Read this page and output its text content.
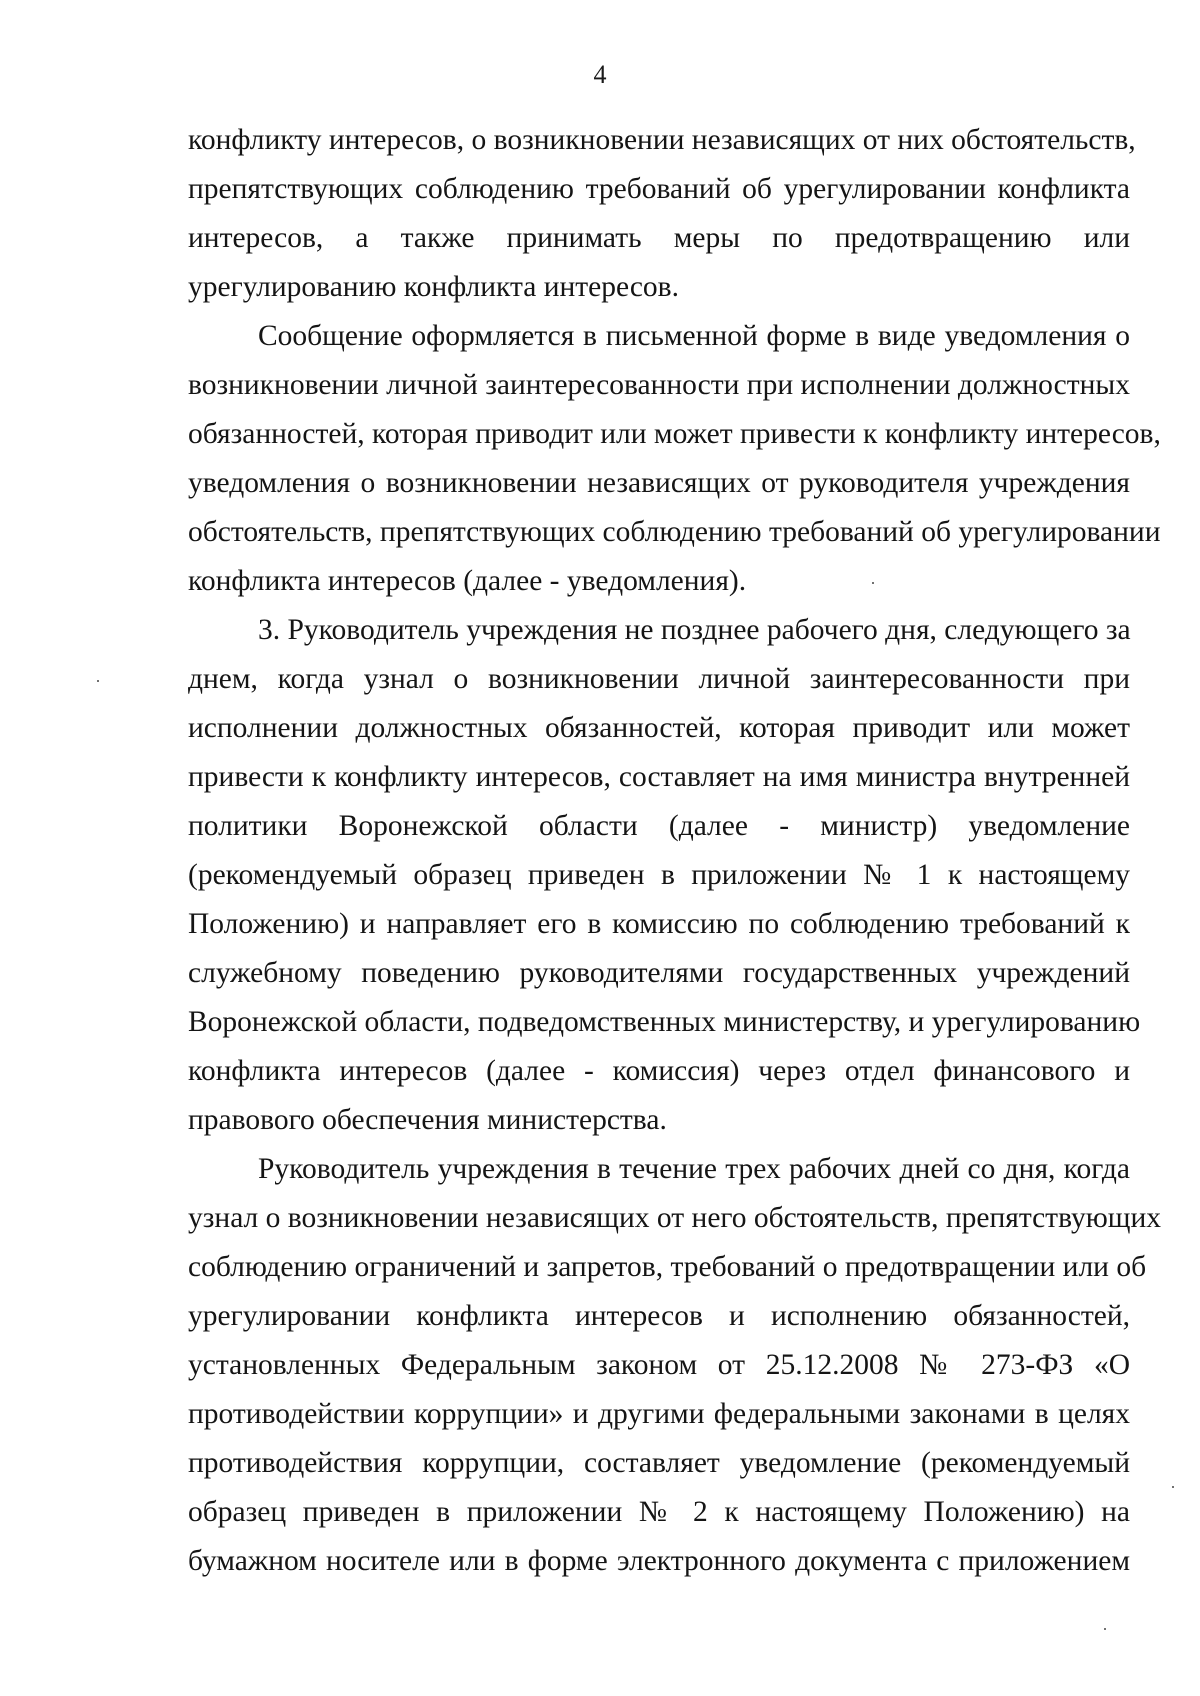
4
конфликту интересов, о возникновении независящих от них обстоятельств,
препятствующих соблюдению требований об урегулировании конфликта
интересов, а также принимать меры по предотвращению или
урегулированию конфликта интересов.
Сообщение оформляется в письменной форме в виде уведомления о
возникновении личной заинтересованности при исполнении должностных
обязанностей, которая приводит или может привести к конфликту интересов,
уведомления о возникновении независящих от руководителя учреждения
обстоятельств, препятствующих соблюдению требований об урегулировании
конфликта интересов (далее - уведомления).
3. Руководитель учреждения не позднее рабочего дня, следующего за
днем, когда узнал о возникновении личной заинтересованности при
исполнении должностных обязанностей, которая приводит или может
привести к конфликту интересов, составляет на имя министра внутренней
политики Воронежской области (далее - министр) уведомление
(рекомендуемый образец приведен в приложении № 1 к настоящему
Положению) и направляет его в комиссию по соблюдению требований к
служебному поведению руководителями государственных учреждений
Воронежской области, подведомственных министерству, и урегулированию
конфликта интересов (далее - комиссия) через отдел финансового и
правового обеспечения министерства.
Руководитель учреждения в течение трех рабочих дней со дня, когда
узнал о возникновении независящих от него обстоятельств, препятствующих
соблюдению ограничений и запретов, требований о предотвращении или об
урегулировании конфликта интересов и исполнению обязанностей,
установленных Федеральным законом от 25.12.2008 № 273-ФЗ «О
противодействии коррупции» и другими федеральными законами в целях
противодействия коррупции, составляет уведомление (рекомендуемый
образец приведен в приложении № 2 к настоящему Положению) на
бумажном носителе или в форме электронного документа с приложением
